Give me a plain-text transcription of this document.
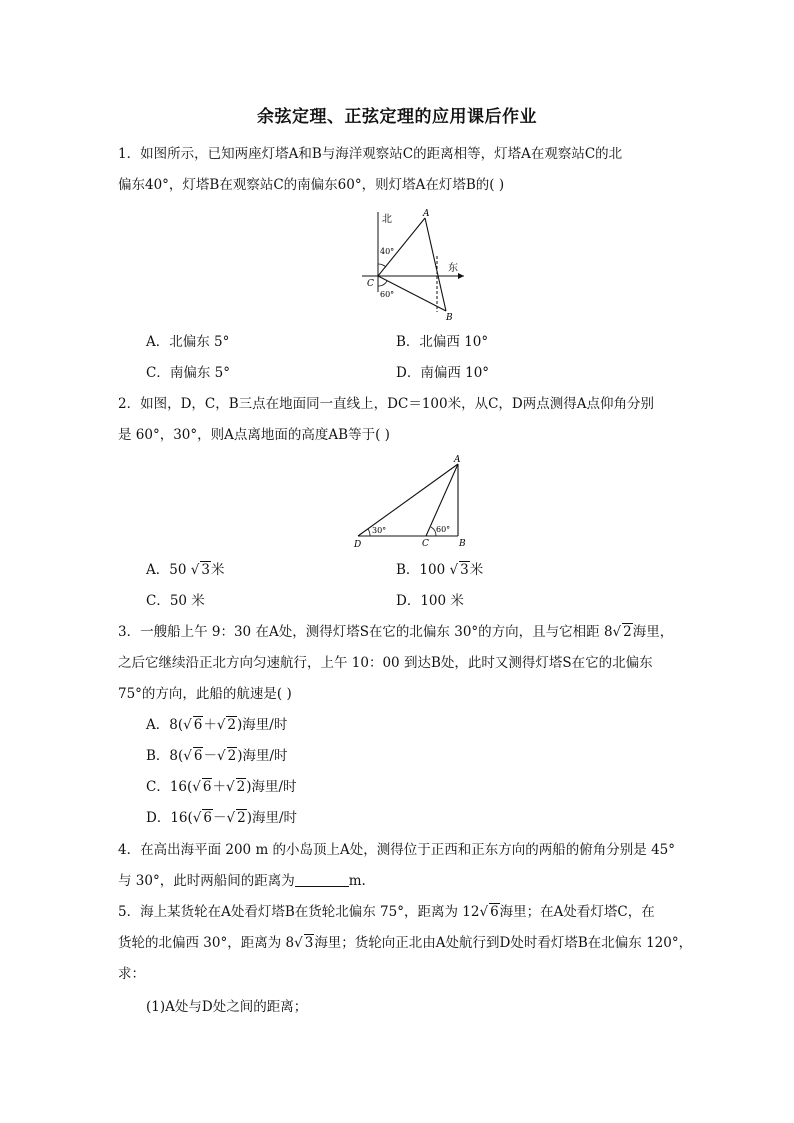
余弦定理、正弦定理的应用课后作业
1．如图所示，已知两座灯塔A和B与海洋观察站C的距离相等，灯塔A在观察站C的北
偏东40°，灯塔B在观察站C的南偏东60°，则灯塔A在灯塔B的( )
北
东
A
B
C
40°
60°
A．北偏东 5°	B．北偏西 10°
C．南偏东 5°	D．南偏西 10°
2．如图，D，C，B三点在地面同一直线上，DC＝100米，从C，D两点测得A点仰角分别
是 60°，30°，则A点离地面的高度AB等于( )
A
B
C
D
30°	60°
A．50 √ 3米	B．100 √ 3米
C．50 米	D．100 米
3．一艘船上午 9：30 在A处，测得灯塔S在它的北偏东 30°的方向，且与它相距 8√ 2海里，
之后它继续沿正北方向匀速航行，上午 10：00 到达B处，此时又测得灯塔S在它的北偏东
75°的方向，此船的航速是( )
A．8(√ 6＋√ 2)海里/时
B．8(√ 6－√ 2)海里/时
C．16(√ 6＋√ 2)海里/时
D．16(√ 6－√ 2)海里/时
4．在高出海平面 200 m 的小岛顶上A处，测得位于正西和正东方向的两船的俯角分别是 45°
与 30°，此时两船间的距离为	m.
5．海上某货轮在A处看灯塔B在货轮北偏东 75°，距离为 12√ 6海里；在A处看灯塔C，在
货轮的北偏西 30°，距离为 8√ 3海里；货轮向正北由A处航行到D处时看灯塔B在北偏东 120°，
求：
(1)A处与D处之间的距离；
